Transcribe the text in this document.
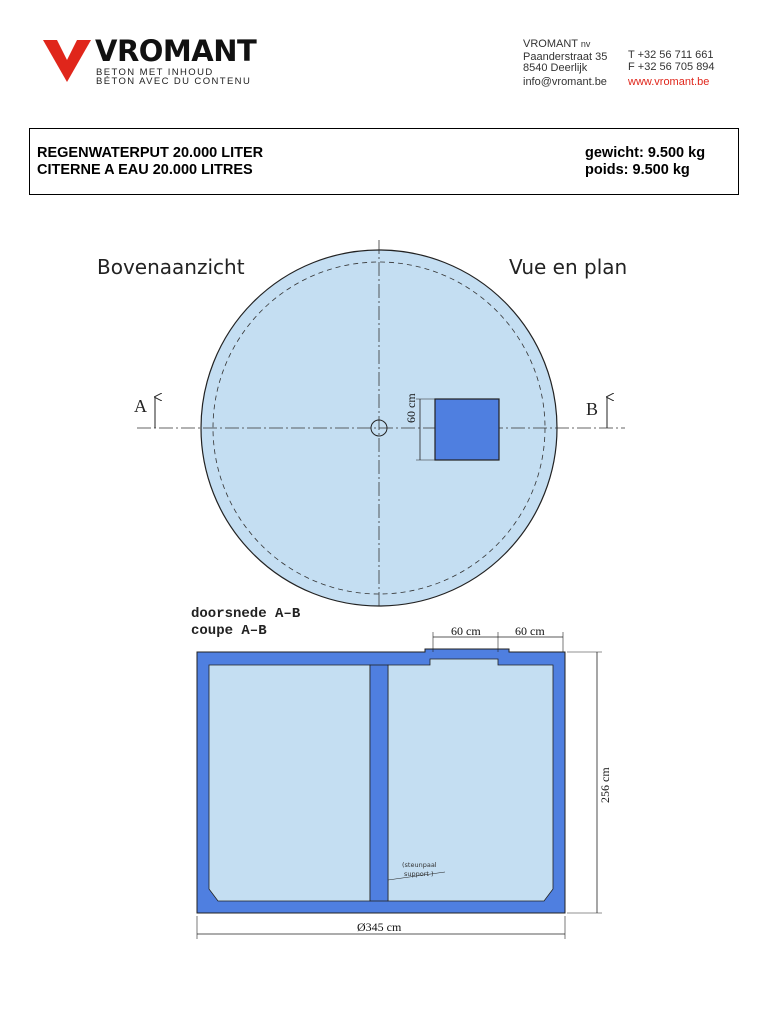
VROMANT
BETON MET INHOUD
BÉTON AVEC DU CONTENU
VROMANT nv
Paanderstraat 35
8540 Deerlijk
info@vromant.be
T +32 56 711 661
F +32 56 705 894
www.vromant.be
REGENWATERPUT 20.000 LITER
CITERNE A EAU 20.000 LITRES
gewicht: 9.500 kg
poids: 9.500 kg
Bovenaanzicht	Vue en plan
A	B
60 cm
doorsnede A–B
coupe A–B	60 cm	60 cm
256 cm
Ø345 cm
(steunpaal
support )
